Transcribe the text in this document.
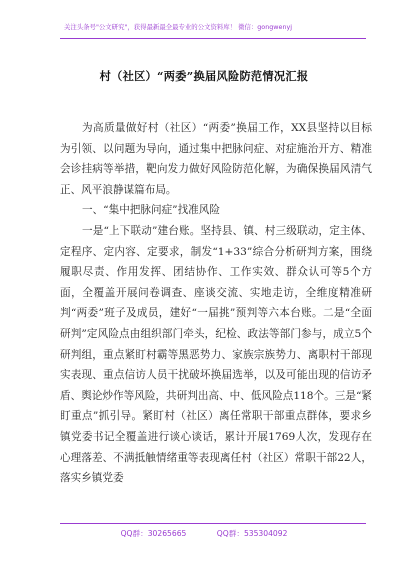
关注头条号"公文研究"，获得最新最全最专业的公文资料库！ 微信：gongwenyj
村（社区）“两委”换届风险防范情况汇报

为高质量做好村（社区）“两委”换届工作，XX县坚持以目标为引领、以问题为导向，通过集中把脉问症、对症施治开方、精准会诊挂病等举措，靶向发力做好风险防范化解，为确保换届风清气正、风平浪静谋篇布局。

一、“集中把脉问症”找准风险

一是“上下联动”建台账。坚持县、镇、村三级联动，定主体、定程序、定内容、定要求，制发“1+33”综合分析研判方案，围绕履职尽责、作用发挥、团结协作、工作实效、群众认可等5个方面，全覆盖开展问卷调查、座谈交流、实地走访，全维度精准研判“两委”班子及成员，建好“一届挑”预判等六本台账。二是“全面研判”定风险点由组织部门牵头，纪检、政法等部门参与，成立5个研判组，重点紧盯村霸等黑恶势力、家族宗族势力、离职村干部现实表现、重点信访人员干扰破坏换届选举，以及可能出现的信访矛盾、舆论炒作等风险，共研判出高、中、低风险点118个。三是“紧盯重点”抓引导。紧盯村（社区）离任常职干部重点群体，要求乡镇党委书记全覆盖进行谈心谈话，累计开展1769人次，发现存在心理落差、不满抵触情绪重等表现离任村（社区）常职干部22人，落实乡镇党委

QQ群：30265665	QQ群：535304092
